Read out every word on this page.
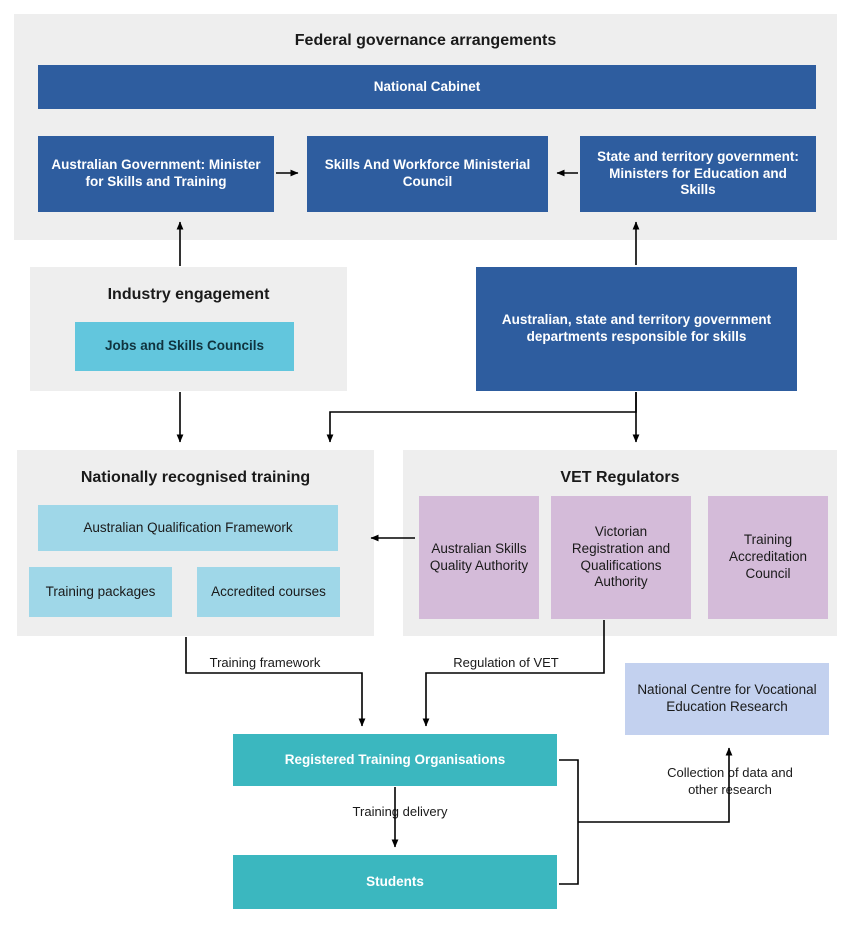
Federal governance arrangements
National Cabinet
Australian Government: Minister for Skills and Training
Skills And Workforce Ministerial Council
State and territory government: Ministers for Education and Skills
Industry engagement
Jobs and Skills Councils
Australian, state and territory government departments responsible for skills
Nationally recognised training
Australian Qualification Framework
Training packages	Accredited courses
VET Regulators
Australian Skills Quality Authority
Victorian Registration and Qualifications Authority
Training Accreditation Council
National Centre for Vocational Education Research
Registered Training Organisations
Students
Training framework	Regulation of VET
Training delivery
Collection of data and other research
